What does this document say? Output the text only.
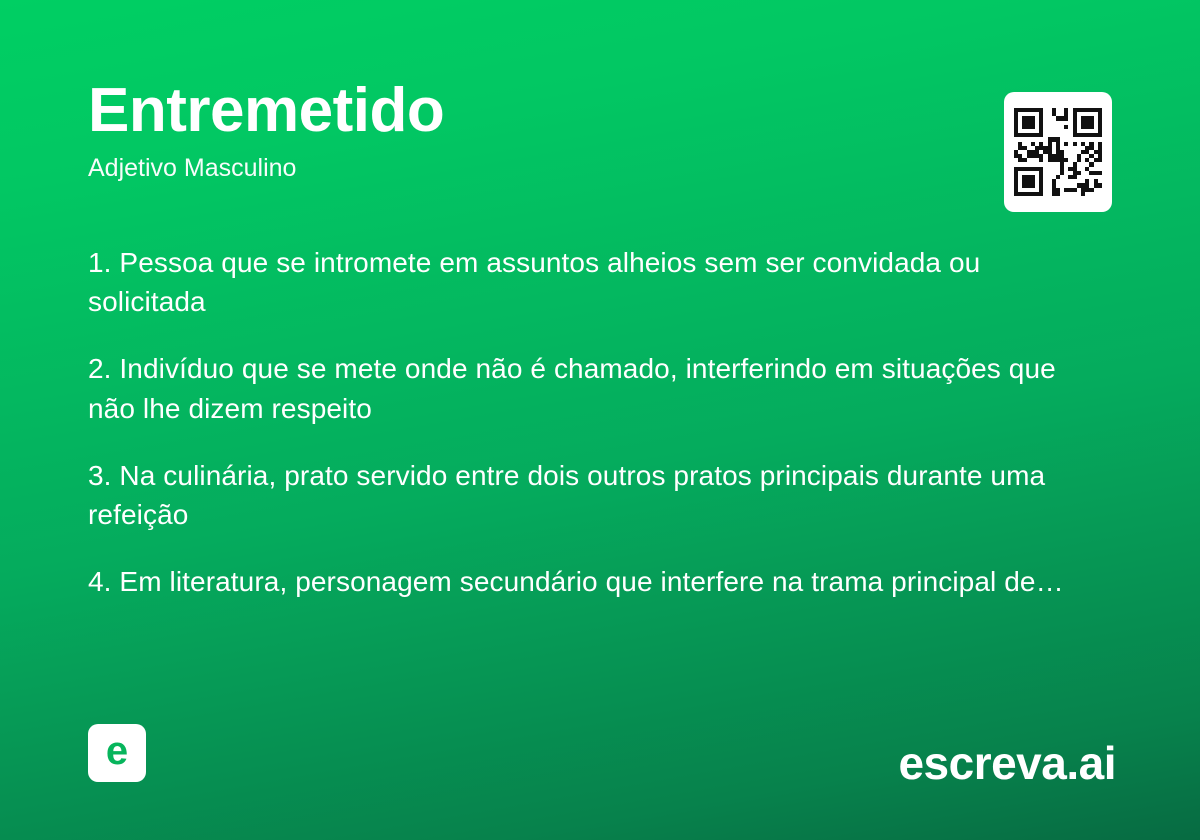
Entremetido

Adjetivo Masculino

1. Pessoa que se intromete em assuntos alheios sem ser convidada ou solicitada

2. Indivíduo que se mete onde não é chamado, interferindo em situações que não lhe dizem respeito

3. Na culinária, prato servido entre dois outros pratos principais durante uma refeição

4. Em literatura, personagem secundário que interfere na trama principal de…

e	escreva.ai
